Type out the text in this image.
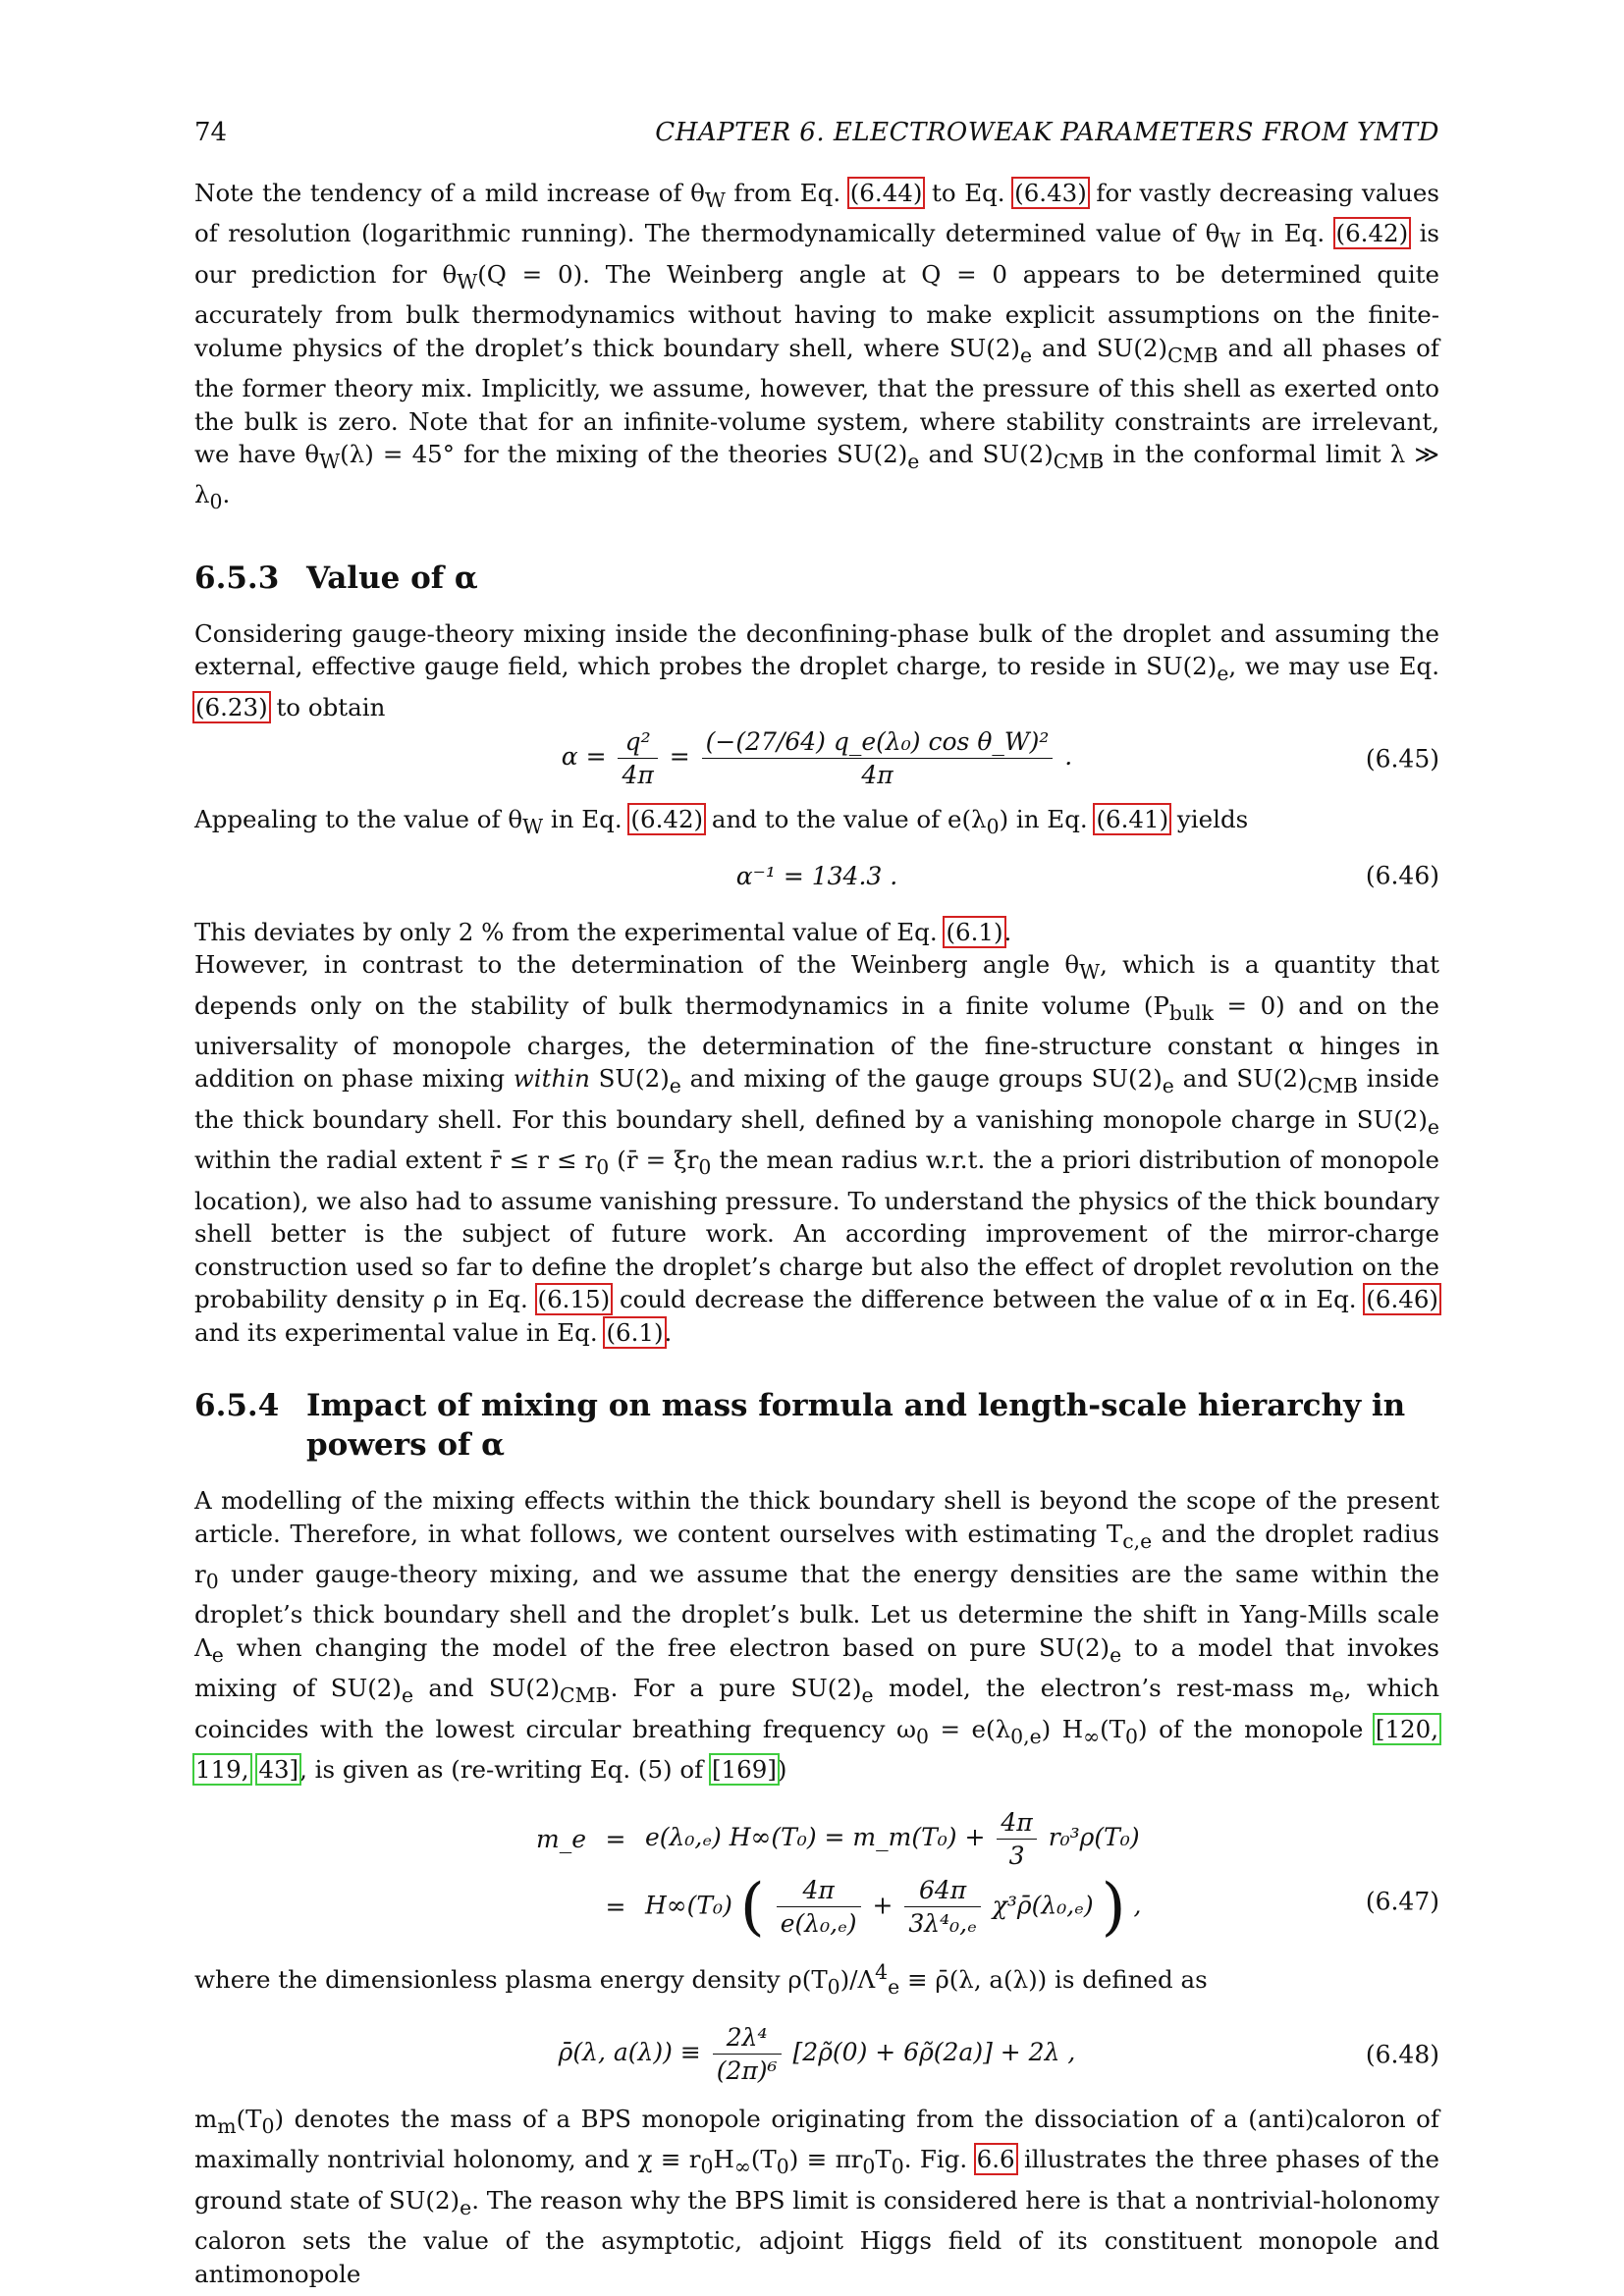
74	CHAPTER 6. ELECTROWEAK PARAMETERS FROM YMTD

Note the tendency of a mild increase of $\theta_W$ from Eq. (6.44) to Eq. (6.43) for vastly decreasing values of resolution (logarithmic running). The thermodynamically determined value of $\theta_W$ in Eq. (6.42) is our prediction for $\theta_W(Q = 0)$. The Weinberg angle at Q = 0 appears to be determined quite accurately from bulk thermodynamics without having to make explicit assumptions on the finite-volume physics of the droplet’s thick boundary shell, where $SU(2)_e$ and $SU(2)_{CMB}$ and all phases of the former theory mix. Implicitly, we assume, however, that the pressure of this shell as exerted onto the bulk is zero. Note that for an infinite-volume system, where stability constraints are irrelevant, we have $\theta_W(\lambda) = 45^\circ$ for the mixing of the theories $SU(2)_e$ and $SU(2)_{CMB}$ in the conformal limit λ ≫ $\lambda_0$.

6.5.3 Value of α

Considering gauge-theory mixing inside the deconfining-phase bulk of the droplet and assuming the external, effective gauge field, which probes the droplet charge, to reside in $SU(2)_e$, we may use Eq. (6.23) to obtain

$\alpha = \frac{\text{q²}}{4\pi} = \frac{\text{(−(27/64) q\_e(λ₀) cos θ\_W)²}}{4\pi}$ .	(6.45)

Appealing to the value of $\theta_W$ in Eq. (6.42) and to the value of $e(\lambda_0)$ in Eq. (6.41) yields

α⁻¹ = 134.3 .	(6.46)

This deviates by only 2 % from the experimental value of Eq. (6.1).

However, in contrast to the determination of the Weinberg angle $\theta_W$, which is a quantity that depends only on the stability of bulk thermodynamics in a finite volume $(P_{bulk} = 0)$ and on the universality of monopole charges, the determination of the fine-structure constant α hinges in addition on phase mixing within $SU(2)_e$ and mixing of the gauge groups $SU(2)_e$ and $SU(2)_{CMB}$ inside the thick boundary shell. For this boundary shell, defined by a vanishing monopole charge in $SU(2)_e$ within the radial extent r̄ ≤ $r \le r_0$ (r̄ = $\xi r_0$ the mean radius w.r.t. the a priori distribution of monopole location), we also had to assume vanishing pressure. To understand the physics of the thick boundary shell better is the subject of future work. An according improvement of the mirror-charge construction used so far to define the droplet’s charge but also the effect of droplet revolution on the probability density ρ in Eq. (6.15) could decrease the difference between the value of α in Eq. (6.46) and its experimental value in Eq. (6.1).

6.5.4 Impact of mixing on mass formula and length-scale hierarchy in powers of α

A modelling of the mixing effects within the thick boundary shell is beyond the scope of the present article. Therefore, in what follows, we content ourselves with estimating $T_{c,e}$ and the droplet radius $r_0$ under gauge-theory mixing, and we assume that the energy densities are the same within the droplet’s thick boundary shell and the droplet’s bulk. Let us determine the shift in Yang-Mills scale $\Lambda_e$ when changing the model of the free electron based on pure $SU(2)_e$ to a model that invokes mixing of $SU(2)_e$ and $SU(2)_{CMB}$. For a pure $SU(2)_e$ model, the electron’s rest-mass $m_e$, which coincides with the lowest circular breathing frequency $\omega_0 = e(\lambda_{0,e})$ $H_\infty(T_0)$ of the monopole [120, 119, 43], is given as (re-writing Eq. (5) of [169])

m_e = e(λ₀,ₑ) H∞(T₀) = m_m(T₀) + $\frac{4\pi}{3} r_0^3\rho(T_0)$
= H∞(T₀) ( $\frac{4\pi}{\text{e(λ₀,ₑ)}} + \frac{64\pi}{\text{3λ⁴₀,ₑ}}$ χ³ρ̄(λ₀,ₑ) ) ,	(6.47)

where the dimensionless plasma energy density $\rho(T_0)/\Lambda^4_e$ ≡ ρ̄(λ, a(λ)) is defined as

ρ̄(λ, $a(\lambda)) \equiv \frac{\text{2λ⁴}}{\text{(2π)⁶}}$ [2ρ̃(0) + 6ρ̃(2a)] + 2λ ,	(6.48)

$m_m(T_0)$ denotes the mass of a BPS monopole originating from the dissociation of a (anti)caloron of maximally nontrivial holonomy, and $\chi \equiv r_0H_\infty(T_0) \equiv \pi r_0T_0$. Fig. 6.6 illustrates the three phases of the ground state of $SU(2)_e$. The reason why the BPS limit is considered here is that a nontrivial-holonomy caloron sets the value of the asymptotic, adjoint Higgs field of its constituent monopole and antimonopole
